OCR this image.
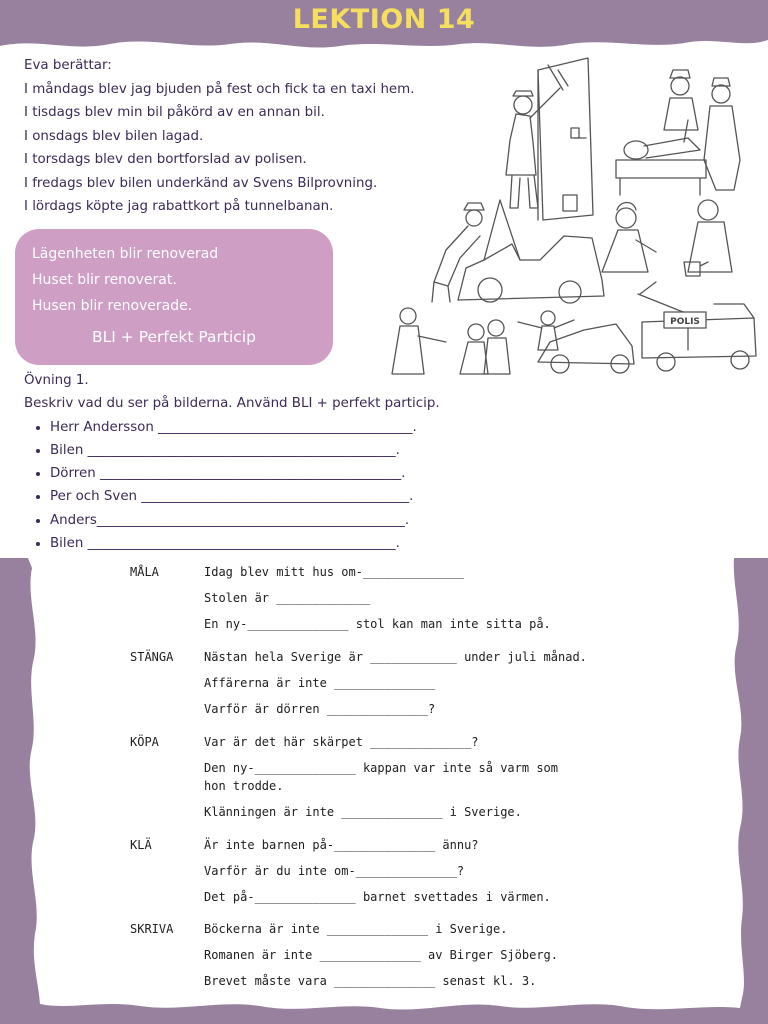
LEKTION 14
Eva berättar:
I måndags blev jag bjuden på fest och fick ta en taxi hem.
I tisdags blev min bil påkörd av en annan bil.
I onsdags blev bilen lagad.
I torsdags blev den bortforslad av polisen.
I fredags blev bilen underkänd av Svens Bilprovning.
I lördags köpte jag rabattkort på tunnelbanan.
Lägenheten blir renoverad
Huset blir renoverat.
Husen blir renoverade.
BLI + Perfekt Particip
Övning 1.
Beskriv vad du ser på bilderna. Använd BLI + perfekt particip.
• Herr Andersson ______________________________________.
• Bilen ______________________________________________.
• Dörren _____________________________________________.
• Per och Sven ________________________________________.
• Anders______________________________________________.
• Bilen ______________________________________________.
POLIS
MÅLA	Idag blev mitt hus om-______________
Stolen är _____________
En ny-______________ stol kan man inte sitta på.
STÄNGA	Nästan hela Sverige är ____________ under juli månad.
Affärerna är inte ______________
Varför är dörren ______________?
KÖPA	Var är det här skärpet ______________?
Den ny-______________ kappan var inte så varm som
hon trodde.
Klänningen är inte ______________ i Sverige.
KLÄ	Är inte barnen på-______________ ännu?
Varför är du inte om-______________?
Det på-______________ barnet svettades i värmen.
SKRIVA	Böckerna är inte ______________ i Sverige.
Romanen är inte ______________ av Birger Sjöberg.
Brevet måste vara ______________ senast kl. 3.
